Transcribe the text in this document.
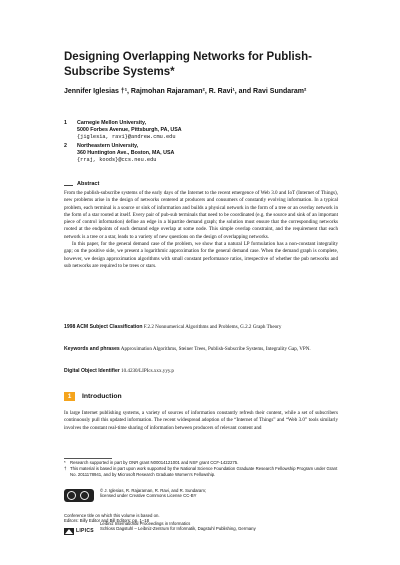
Designing Overlapping Networks for Publish-Subscribe Systems*
Jennifer Iglesias †¹, Rajmohan Rajaraman², R. Ravi¹, and Ravi Sundaram²
1	Carnegie Mellon University,
5000 Forbes Avenue, Pittsburgh, PA, USA
{jiglesia, ravi}@andrew.cmu.edu
2	Northeastern University,
360 Huntington Ave., Boston, MA, USA
{rraj, koods}@ccs.neu.edu
Abstract

From the publish-subscribe systems of the early days of the Internet to the recent emergence of Web 3.0 and IoT (Internet of Things), new problems arise in the design of networks centered at producers and consumers of constantly evolving information. In a typical problem, each terminal is a source or sink of information and builds a physical network in the form of a tree or an overlay network in the form of a star rooted at itself. Every pair of pub-sub terminals that need to be coordinated (e.g. the source and sink of an important piece of control information) define an edge in a bipartite demand graph; the solution must ensure that the corresponding networks rooted at the endpoints of each demand edge overlap at some node. This simple overlap constraint, and the requirement that each network is a tree or a star, leads to a variety of new questions on the design of overlapping networks.

In this paper, for the general demand case of the problem, we show that a natural LP formulation has a non-constant integrality gap; on the positive side, we present a logarithmic approximation for the general demand case. When the demand graph is complete, however, we design approximation algorithms with small constant performance ratios, irrespective of whether the pub networks and sub networks are required to be trees or stars.

1998 ACM Subject Classification F.2.2 Nonnumerical Algorithms and Problems, G.2.2 Graph Theory
Keywords and phrases Approximation Algorithms, Steiner Trees, Publish-Subscribe Systems, Integrality Gap, VPN.
Digital Object Identifier 10.4230/LIPIcs.xxx.yyy.p
1	Introduction

In large Internet publishing systems, a variety of sources of information constantly refresh their content, while a set of subscribers continuously pull this updated information. The recent widespread adoption of the “Internet of Things” and “Web 3.0” tools similarly involves the constant real-time sharing of information between producers of relevant content and

*	Research supported in part by ONR grant N00014121001 and NSF grant CCF-1422275.
† This material is based in part upon work supported by the National Science Foundation Graduate Research Fellowship Program under Grant No. 2011178941, and by Microsoft Research Graduate Women's Fellowship.
© J. Iglesias, R. Rajaraman, R. Ravi, and R. Sundaram;
licensed under Creative Commons License CC-BY
Conference title on which this volume is based on.
Editors: Billy Editor and Bill Editors; pp. 1–18
LIPICS
Leibniz International Proceedings in Informatics
Schloss Dagstuhl – Leibniz-Zentrum für Informatik, Dagstuhl Publishing, Germany
